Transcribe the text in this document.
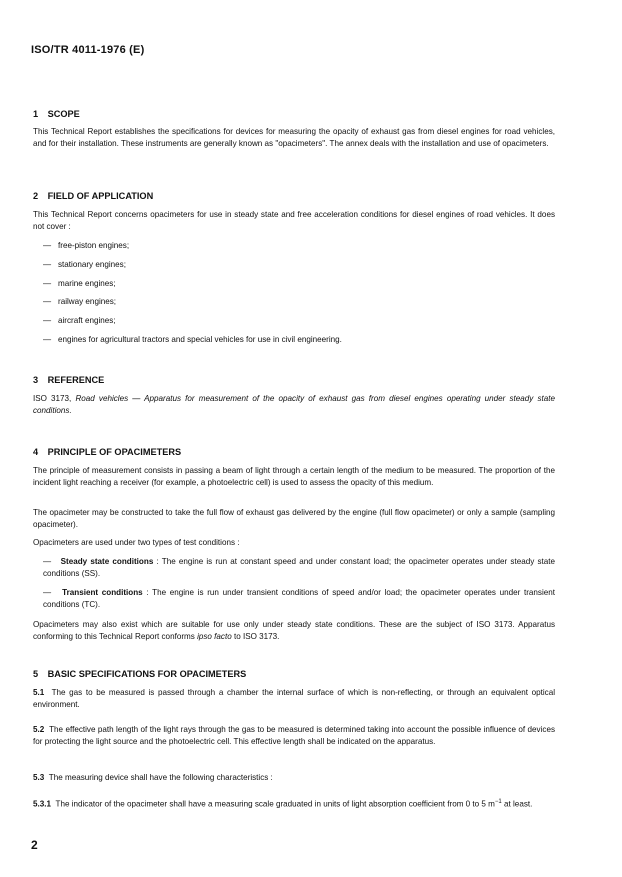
ISO/TR 4011-1976 (E)
1 SCOPE
This Technical Report establishes the specifications for devices for measuring the opacity of exhaust gas from diesel engines for road vehicles, and for their installation. These instruments are generally known as "opacimeters". The annex deals with the installation and use of opacimeters.
2 FIELD OF APPLICATION
This Technical Report concerns opacimeters for use in steady state and free acceleration conditions for diesel engines of road vehicles. It does not cover :
— free-piston engines;
— stationary engines;
— marine engines;
— railway engines;
— aircraft engines;
— engines for agricultural tractors and special vehicles for use in civil engineering.
3 REFERENCE
ISO 3173, Road vehicles — Apparatus for measurement of the opacity of exhaust gas from diesel engines operating under steady state conditions.
4 PRINCIPLE OF OPACIMETERS
The principle of measurement consists in passing a beam of light through a certain length of the medium to be measured. The proportion of the incident light reaching a receiver (for example, a photoelectric cell) is used to assess the opacity of this medium.
The opacimeter may be constructed to take the full flow of exhaust gas delivered by the engine (full flow opacimeter) or only a sample (sampling opacimeter).
Opacimeters are used under two types of test conditions :
—   Steady state conditions : The engine is run at constant speed and under constant load; the opacimeter operates under steady state conditions (SS).
—   Transient conditions : The engine is run under transient conditions of speed and/or load; the opacimeter operates under transient conditions (TC).
Opacimeters may also exist which are suitable for use only under steady state conditions. These are the subject of ISO 3173. Apparatus conforming to this Technical Report conforms ipso facto to ISO 3173.
5 BASIC SPECIFICATIONS FOR OPACIMETERS
5.1 The gas to be measured is passed through a chamber the internal surface of which is non-reflecting, or through an equivalent optical environment.
5.2 The effective path length of the light rays through the gas to be measured is determined taking into account the possible influence of devices for protecting the light source and the photoelectric cell. This effective length shall be indicated on the apparatus.
5.3 The measuring device shall have the following characteristics :
5.3.1 The indicator of the opacimeter shall have a measuring scale graduated in units of light absorption coefficient from 0 to 5 $m^{-1}$ at least.
2
